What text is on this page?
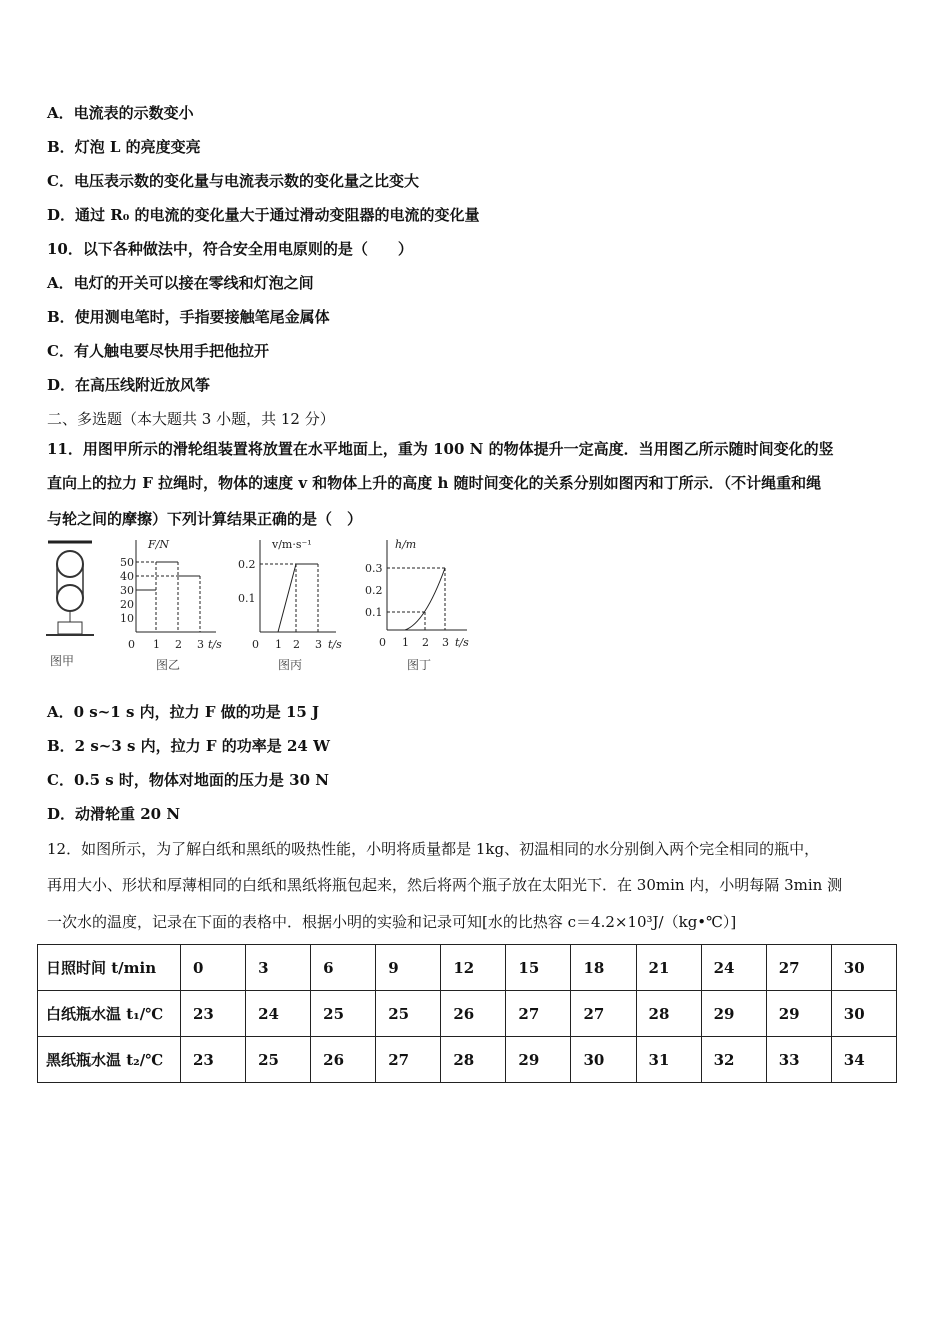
A．电流表的示数变小
B．灯泡 L 的亮度变亮
C．电压表示数的变化量与电流表示数的变化量之比变大
D．通过 R₀ 的电流的变化量大于通过滑动变阻器的电流的变化量
10．以下各种做法中，符合安全用电原则的是（　　）
A．电灯的开关可以接在零线和灯泡之间
B．使用测电笔时，手指要接触笔尾金属体
C．有人触电要尽快用手把他拉开
D．在高压线附近放风筝
二、多选题（本大题共 3 小题，共 12 分）
11．用图甲所示的滑轮组装置将放置在水平地面上，重为 100 N 的物体提升一定高度．当用图乙所示随时间变化的竖
直向上的拉力 F 拉绳时，物体的速度 v 和物体上升的高度 h 随时间变化的关系分别如图丙和丁所示．（不计绳重和绳
与轮之间的摩擦）下列计算结果正确的是（　）
图甲
F/N
10
20
30
40
50
0 1 2 3 t/s
图乙
v/m·s⁻¹
0.1
0.2
0 1 2 3 t/s
图丙
h/m
0.1
0.2
0.3
0 1 2 3 t/s
图丁
A．0 s~1 s 内，拉力 F 做的功是 15 J
B．2 s~3 s 内，拉力 F 的功率是 24 W
C．0.5 s 时，物体对地面的压力是 30 N
D．动滑轮重 20 N
12．如图所示，为了解白纸和黑纸的吸热性能，小明将质量都是 1kg、初温相同的水分别倒入两个完全相同的瓶中，
再用大小、形状和厚薄相同的白纸和黑纸将瓶包起来，然后将两个瓶子放在太阳光下．在 30min 内，小明每隔 3min 测
一次水的温度，记录在下面的表格中．根据小明的实验和记录可知[水的比热容 c＝4.2×10³J/（kg•℃）]
日照时间 t/min	0	3	6	9	12	15	18	21	24	27	30
白纸瓶水温 t₁/℃	23	24	25	25	26	27	27	28	29	29	30
黑纸瓶水温 t₂/℃	23	25	26	27	28	29	30	31	32	33	34
